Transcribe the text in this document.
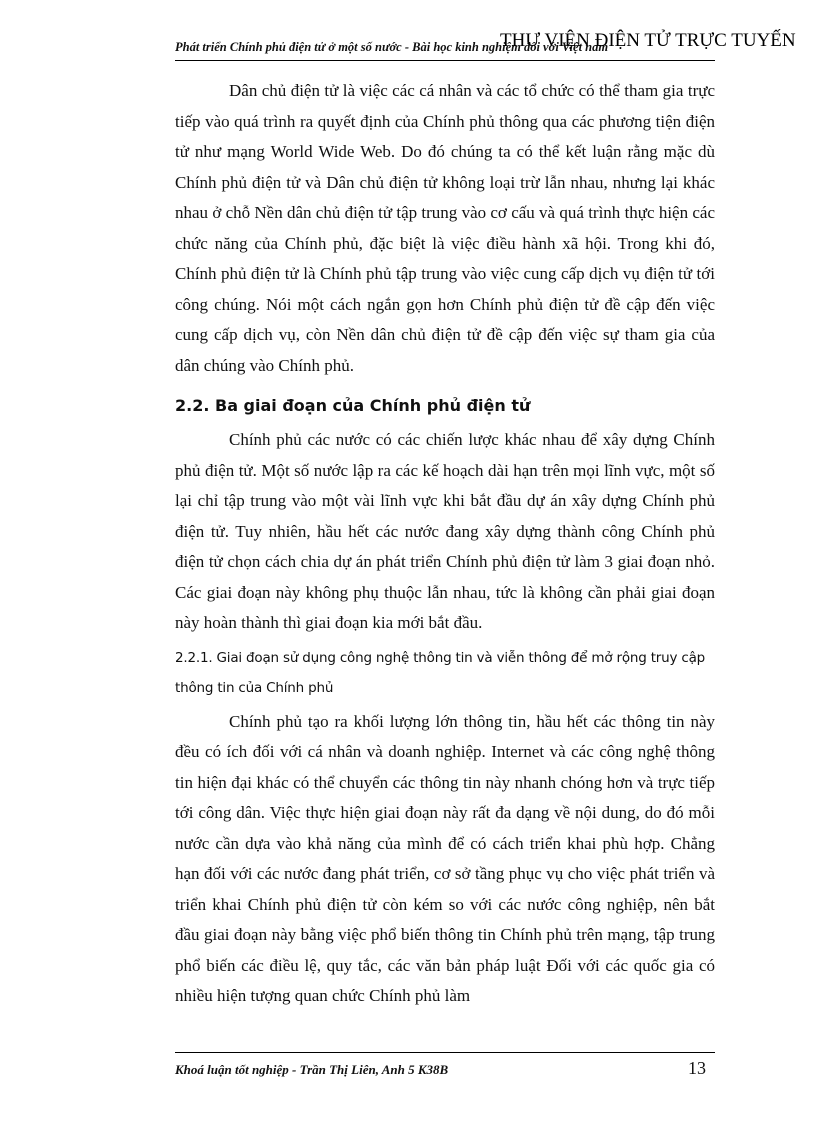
Phát triển Chính phủ điện tử ở một số nước - Bài học kinh nghiệm đối với Việt nam
THƯ VIỆN ĐIỆN TỬ TRỰC TUYẾN

Dân chủ điện tử là việc các cá nhân và các tổ chức có thể tham gia trực tiếp vào quá trình ra quyết định của Chính phủ thông qua các phương tiện điện tử như mạng World Wide Web. Do đó chúng ta có thể kết luận rằng mặc dù Chính phủ điện tử và Dân chủ điện tử không loại trừ lẫn nhau, nhưng lại khác nhau ở chỗ Nền dân chủ điện tử tập trung vào cơ cấu và quá trình thực hiện các chức năng của Chính phủ, đặc biệt là việc điều hành xã hội. Trong khi đó, Chính phủ điện tử là Chính phủ tập trung vào việc cung cấp dịch vụ điện tử tới công chúng. Nói một cách ngắn gọn hơn Chính phủ điện tử đề cập đến việc cung cấp dịch vụ, còn Nền dân chủ điện tử đề cập đến việc sự tham gia của dân chúng vào Chính phủ.

2.2. Ba giai đoạn của Chính phủ điện tử

Chính phủ các nước có các chiến lược khác nhau để xây dựng Chính phủ điện tử. Một số nước lập ra các kế hoạch dài hạn trên mọi lĩnh vực, một số lại chỉ tập trung vào một vài lĩnh vực khi bắt đầu dự án xây dựng Chính phủ điện tử. Tuy nhiên, hầu hết các nước đang xây dựng thành công Chính phủ điện tử chọn cách chia dự án phát triển Chính phủ điện tử làm 3 giai đoạn nhỏ. Các giai đoạn này không phụ thuộc lẫn nhau, tức là không cần phải giai đoạn này hoàn thành thì giai đoạn kia mới bắt đầu.

2.2.1. Giai đoạn sử dụng công nghệ thông tin và viễn thông để mở rộng truy cập thông tin của Chính phủ

Chính phủ tạo ra khối lượng lớn thông tin, hầu hết các thông tin này đều có ích đối với cá nhân và doanh nghiệp. Internet và các công nghệ thông tin hiện đại khác có thể chuyển các thông tin này nhanh chóng hơn và trực tiếp tới công dân. Việc thực hiện giai đoạn này rất đa dạng về nội dung, do đó mỗi nước cần dựa vào khả năng của mình để có cách triển khai phù hợp. Chẳng hạn đối với các nước đang phát triển, cơ sở tầng phục vụ cho việc phát triển và triển khai Chính phủ điện tử còn kém so với các nước công nghiệp, nên bắt đầu giai đoạn này bằng việc phổ biến thông tin Chính phủ trên mạng, tập trung phổ biến các điều lệ, quy tắc, các văn bản pháp luật Đối với các quốc gia có nhiều hiện tượng quan chức Chính phủ làm

Khoá luận tốt nghiệp - Trần Thị Liên, Anh 5 K38B	13
